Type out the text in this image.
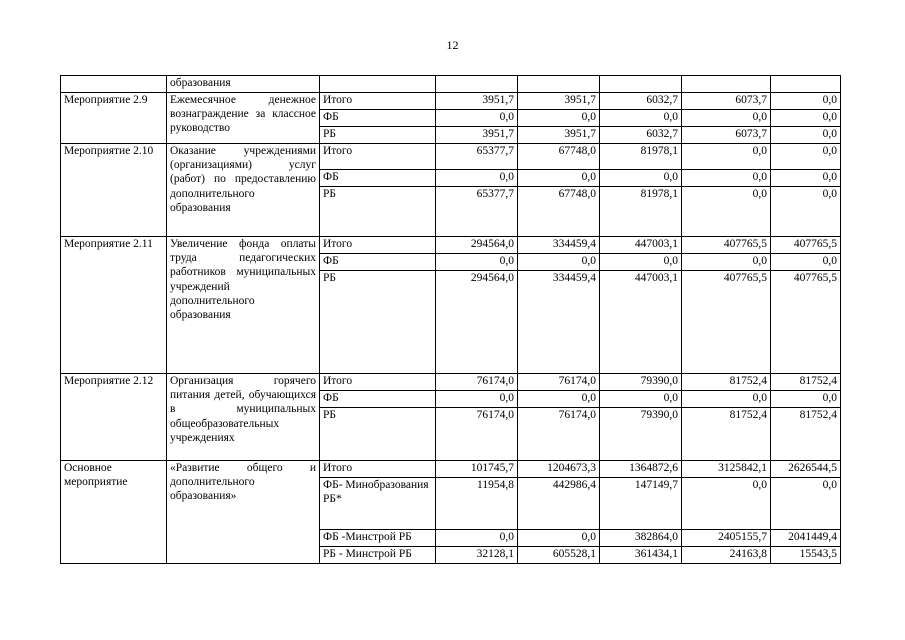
12
	образования						
Мероприятие 2.9	Ежемесячное денежное вознаграждение за классное руководство	Итого	3951,7	3951,7	6032,7	6073,7	0,0
		ФБ	0,0	0,0	0,0	0,0	0,0
		РБ	3951,7	3951,7	6032,7	6073,7	0,0
Мероприятие 2.10	Оказание учреждениями (организациями) услуг (работ) по предоставлению дополнительного образования	Итого	65377,7	67748,0	81978,1	0,0	0,0
		ФБ	0,0	0,0	0,0	0,0	0,0
		РБ	65377,7	67748,0	81978,1	0,0	0,0
Мероприятие 2.11	Увеличение фонда оплаты труда педагогических работников муниципальных учреждений дополнительного образования	Итого	294564,0	334459,4	447003,1	407765,5	407765,5
		ФБ	0,0	0,0	0,0	0,0	0,0
		РБ	294564,0	334459,4	447003,1	407765,5	407765,5
Мероприятие 2.12	Организация горячего питания детей, обучающихся в муниципальных общеобразовательных учреждениях	Итого	76174,0	76174,0	79390,0	81752,4	81752,4
		ФБ	0,0	0,0	0,0	0,0	0,0
		РБ	76174,0	76174,0	79390,0	81752,4	81752,4
Основное мероприятие	«Развитие общего и дополнительного образования»	Итого	101745,7	1204673,3	1364872,6	3125842,1	2626544,5
		ФБ- Минобразования РБ*	11954,8	442986,4	147149,7	0,0	0,0
		ФБ -Минстрой РБ	0,0	0,0	382864,0	2405155,7	2041449,4
		РБ - Минстрой РБ	32128,1	605528,1	361434,1	24163,8	15543,5
